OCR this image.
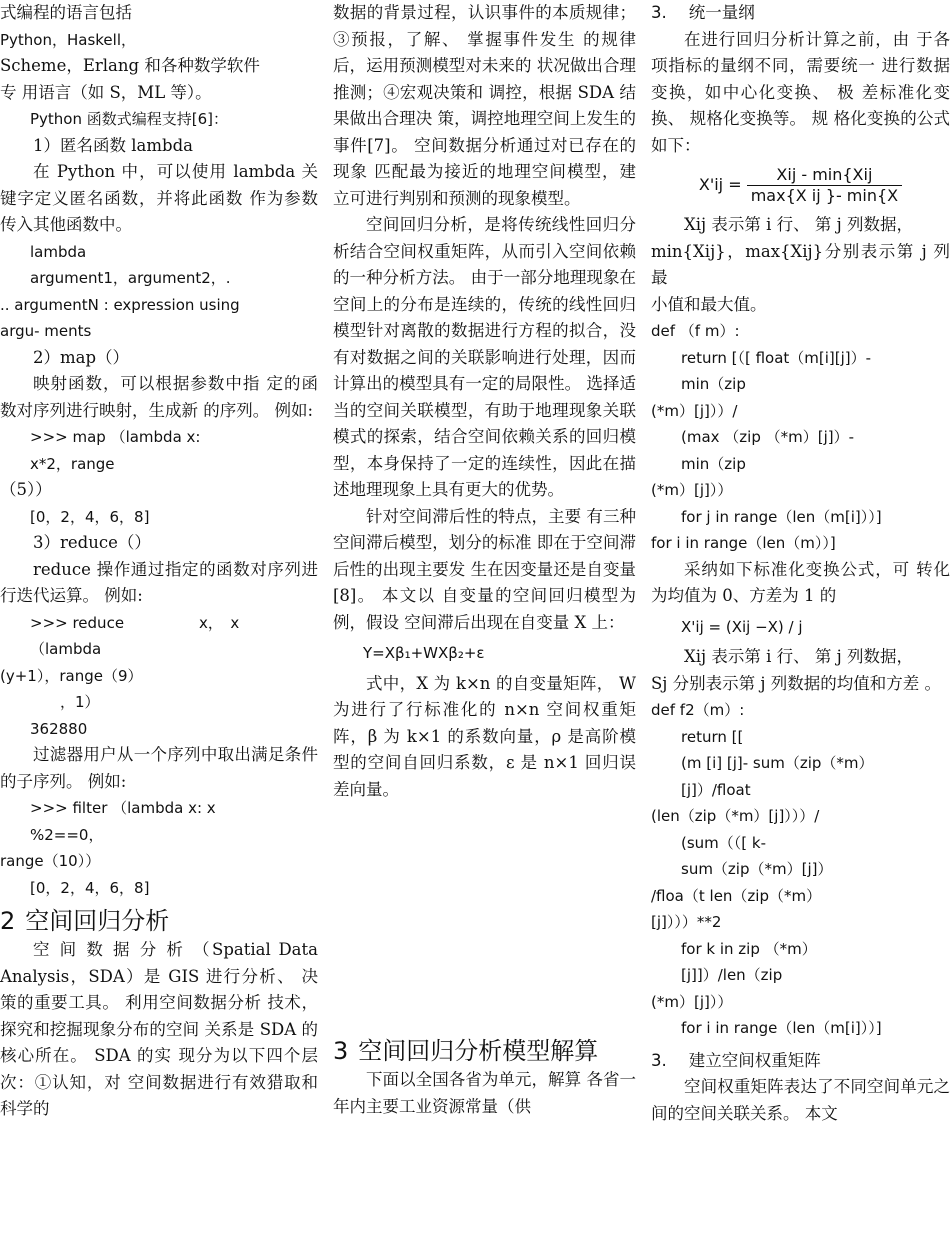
式编程的语言包括

Python，Haskell，

Scheme，Erlang 和各种数学软件

专 用语言（如 S，ML 等）。

Python 函数式编程支持[6]：

1）匿名函数 lambda

在 Python 中，可以使用 lambda 关键字定义匿名函数，并将此函数 作为参数传入其他函数中。

lambda

argument1，argument2，.

.. argumentN : expression using

argu- ments

2）map（）

映射函数，可以根据参数中指 定的函数对序列进行映射，生成新 的序列。 例如:

>>> map （lambda x:

x*2，range

（5））

[0，2，4，6，8]

3）reduce（）

reduce 操作通过指定的函数对序列进行迭代运算。 例如:

>>> reduce　　　　　x，　x

（lambda

(y+1），range（9）

，1）

362880

过滤器用户从一个序列中取出满足条件的子序列。 例如:

>>> filter （lambda x: x

%2==0，

range（10））

[0，2，4，6，8]

2 空间回归分析

空 间 数 据 分 析 （Spatial Data Analysis，SDA）是 GIS 进行分析、 决 策的重要工具。 利用空间数据分析 技术，探究和挖掘现象分布的空间 关系是 SDA 的核心所在。 SDA 的实 现分为以下四个层次：①认知，对 空间数据进行有效猎取和科学的

数据的背景过程，认识事件的本质规律；③预报，了解、 掌握事件发生 的规律后，运用预测模型对未来的 状况做出合理推测；④宏观决策和 调控，根据 SDA 结果做出合理决 策，调控地理空间上发生的事件[7]。 空间数据分析通过对已存在的现象 匹配最为接近的地理空间模型，建 立可进行判别和预测的现象模型。

空间回归分析，是将传统线性回归分析结合空间权重矩阵，从而引入空间依赖的一种分析方法。 由于一部分地理现象在空间上的分布是连续的，传统的线性回归模型针对离散的数据进行方程的拟合，没有对数据之间的关联影响进行处理，因而计算出的模型具有一定的局限性。 选择适当的空间关联模型，有助于地理现象关联模式的探索，结合空间依赖关系的回归模型，本身保持了一定的连续性，因此在描述地理现象上具有更大的优势。

针对空间滞后性的特点，主要 有三种空间滞后模型，划分的标准 即在于空间滞后性的出现主要发 生在因变量还是自变量[8]。 本文以 自变量的空间回归模型为例，假设 空间滞后出现在自变量 X 上：

Y=Xβ₁+WXβ₂+ε

式中，X 为 k×n 的自变量矩阵， W 为进行了行标准化的 n×n 空间权重矩阵，β 为 k×1 的系数向量，ρ 是高阶模型的空间自回归系数，ε 是 n×1 回归误差向量。

3 空间回归分析模型解算

下面以全国各省为单元，解算 各省一年内主要工业资源常量（供

3. 统一量纲

在进行回归分析计算之前，由 于各项指标的量纲不同，需要统一 进行数据变换，如中心化变换、 极 差标准化变换、 规格化变换等。 规 格化变换的公式如下：

$X'ij = \frac{\text{Xij - min\{Xij}}{\text{max\{X ij \}- min\{X}}$

Xij 表示第 i 行、 第 j 列数据，

min{Xij}，max{Xij}分别表示第 j 列最

小值和最大值。

def （f m）:

return [（[ float（m[i][j]）-

min（zip

(*m）[j]））/

(max （zip （*m）[j]）-

min（zip

(*m）[j]））

for j in range（len（m[i]））]

for i in range（len（m））]

采纳如下标准化变换公式，可 转化为均值为 0、方差为 1 的

X'ij = (Xij −X) / j

Xij 表示第 i 行、 第 j 列数据，

Sj 分别表示第 j 列数据的均值和方差 。

def f2（m）:

return [[

(m [i] [j]- sum（zip（*m）

[j]）/float

(len（zip（*m）[j]）））/

(sum（（[ k-

sum（zip（*m）[j]）

/floa（t len（zip（*m）

[j]）））**2

for k in zip （*m）

[j]]）/len（zip

(*m）[j]））

for i in range（len（m[i]））]

3. 建立空间权重矩阵

空间权重矩阵表达了不同空间单元之间的空间关联关系。 本文
